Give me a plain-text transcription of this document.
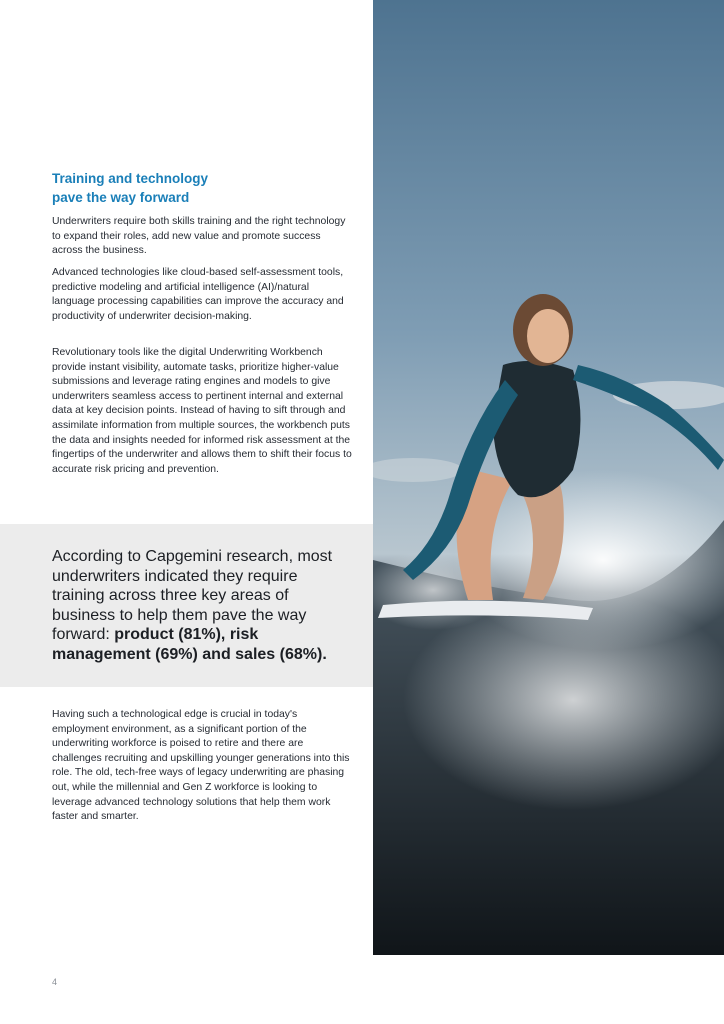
Training and technology
pave the way forward

Underwriters require both skills training and the right technology to expand their roles, add new value and promote success across the business.

Advanced technologies like cloud-based self-assessment tools, predictive modeling and artificial intelligence (AI)/natural language processing capabilities can improve the accuracy and productivity of underwriter decision-making.

Revolutionary tools like the digital Underwriting Workbench provide instant visibility, automate tasks, prioritize higher-value submissions and leverage rating engines and models to give underwriters seamless access to pertinent internal and external data at key decision points. Instead of having to sift through and assimilate information from multiple sources, the workbench puts the data and insights needed for informed risk assessment at the fingertips of the underwriter and allows them to shift their focus to accurate risk pricing and prevention.

According to Capgemini research, most underwriters indicated they require training across three key areas of business to help them pave the way forward: product (81%), risk management (69%) and sales (68%).

Having such a technological edge is crucial in today's employment environment, as a significant portion of the underwriting workforce is poised to retire and there are challenges recruiting and upskilling younger generations into this role. The old, tech-free ways of legacy underwriting are phasing out, while the millennial and Gen Z workforce is looking to leverage advanced technology solutions that help them work faster and smarter.

4
